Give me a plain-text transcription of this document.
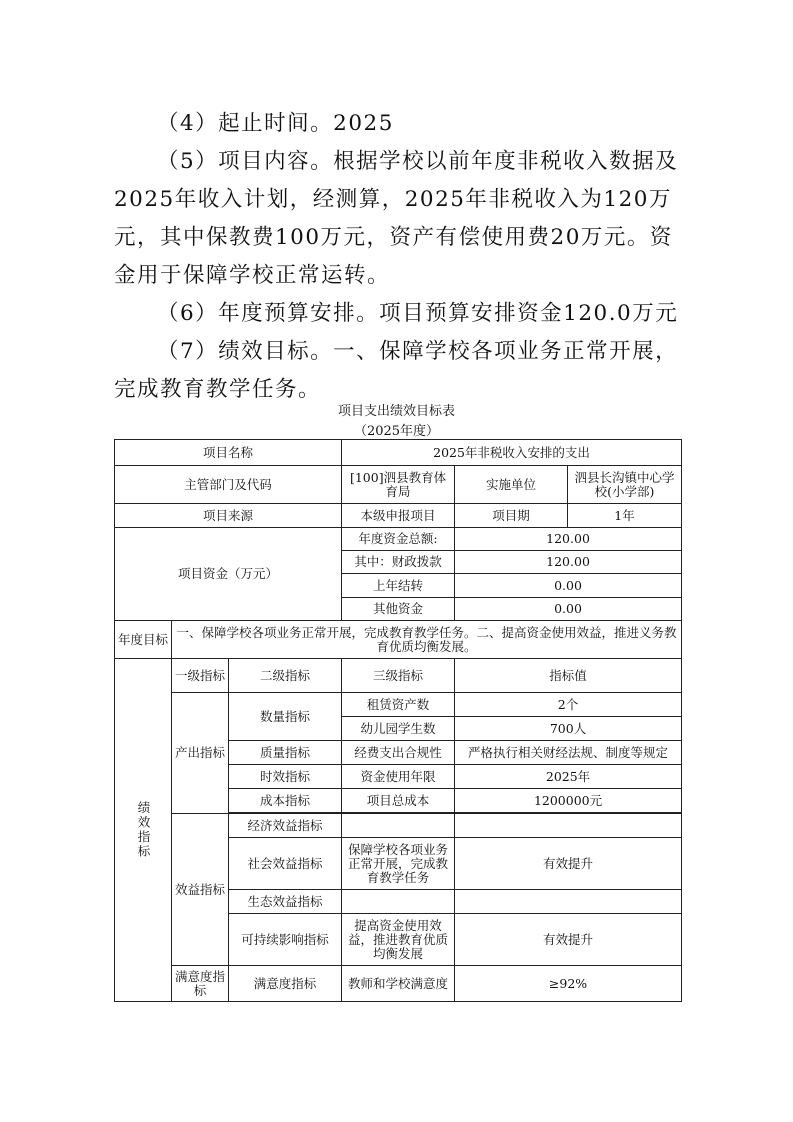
（4）起止时间。2025

（5）项目内容。根据学校以前年度非税收入数据及2025年收入计划，经测算，2025年非税收入为120万元，其中保教费100万元，资产有偿使用费20万元。资金用于保障学校正常运转。

（6）年度预算安排。项目预算安排资金120.0万元

（7）绩效目标。一、保障学校各项业务正常开展，完成教育教学任务。

项目支出绩效目标表
（2025年度）
项目名称			2025年非税收入安排的支出		
主管部门及代码			[100]泗县教育体育局	实施单位	泗县长沟镇中心学校(小学部)
项目来源			本级申报项目	项目期	1年
项目资金（万元）			年度资金总额:	120.00	
			其中：财政拨款	120.00	
			上年结转	0.00	
			其他资金	0.00	
年度目标	一、保障学校各项业务正常开展，完成教育教学任务。二、提高资金使用效益，推进义务教育优质均衡发展。				
绩效指标	一级指标	二级指标	三级指标	指标值	
	产出指标	数量指标	租赁资产数	2个	
			幼儿园学生数	700人	
		质量指标	经费支出合规性	严格执行相关财经法规、制度等规定	
		时效指标	资金使用年限	2025年	
		成本指标	项目总成本	1200000元	

	效益指标	经济效益指标			
		社会效益指标	保障学校各项业务正常开展，完成教育教学任务	有效提升	
		生态效益指标			
		可持续影响指标	提高资金使用效益，推进教育优质均衡发展	有效提升	
	满意度指标	满意度指标	教师和学校满意度	≥92%	
